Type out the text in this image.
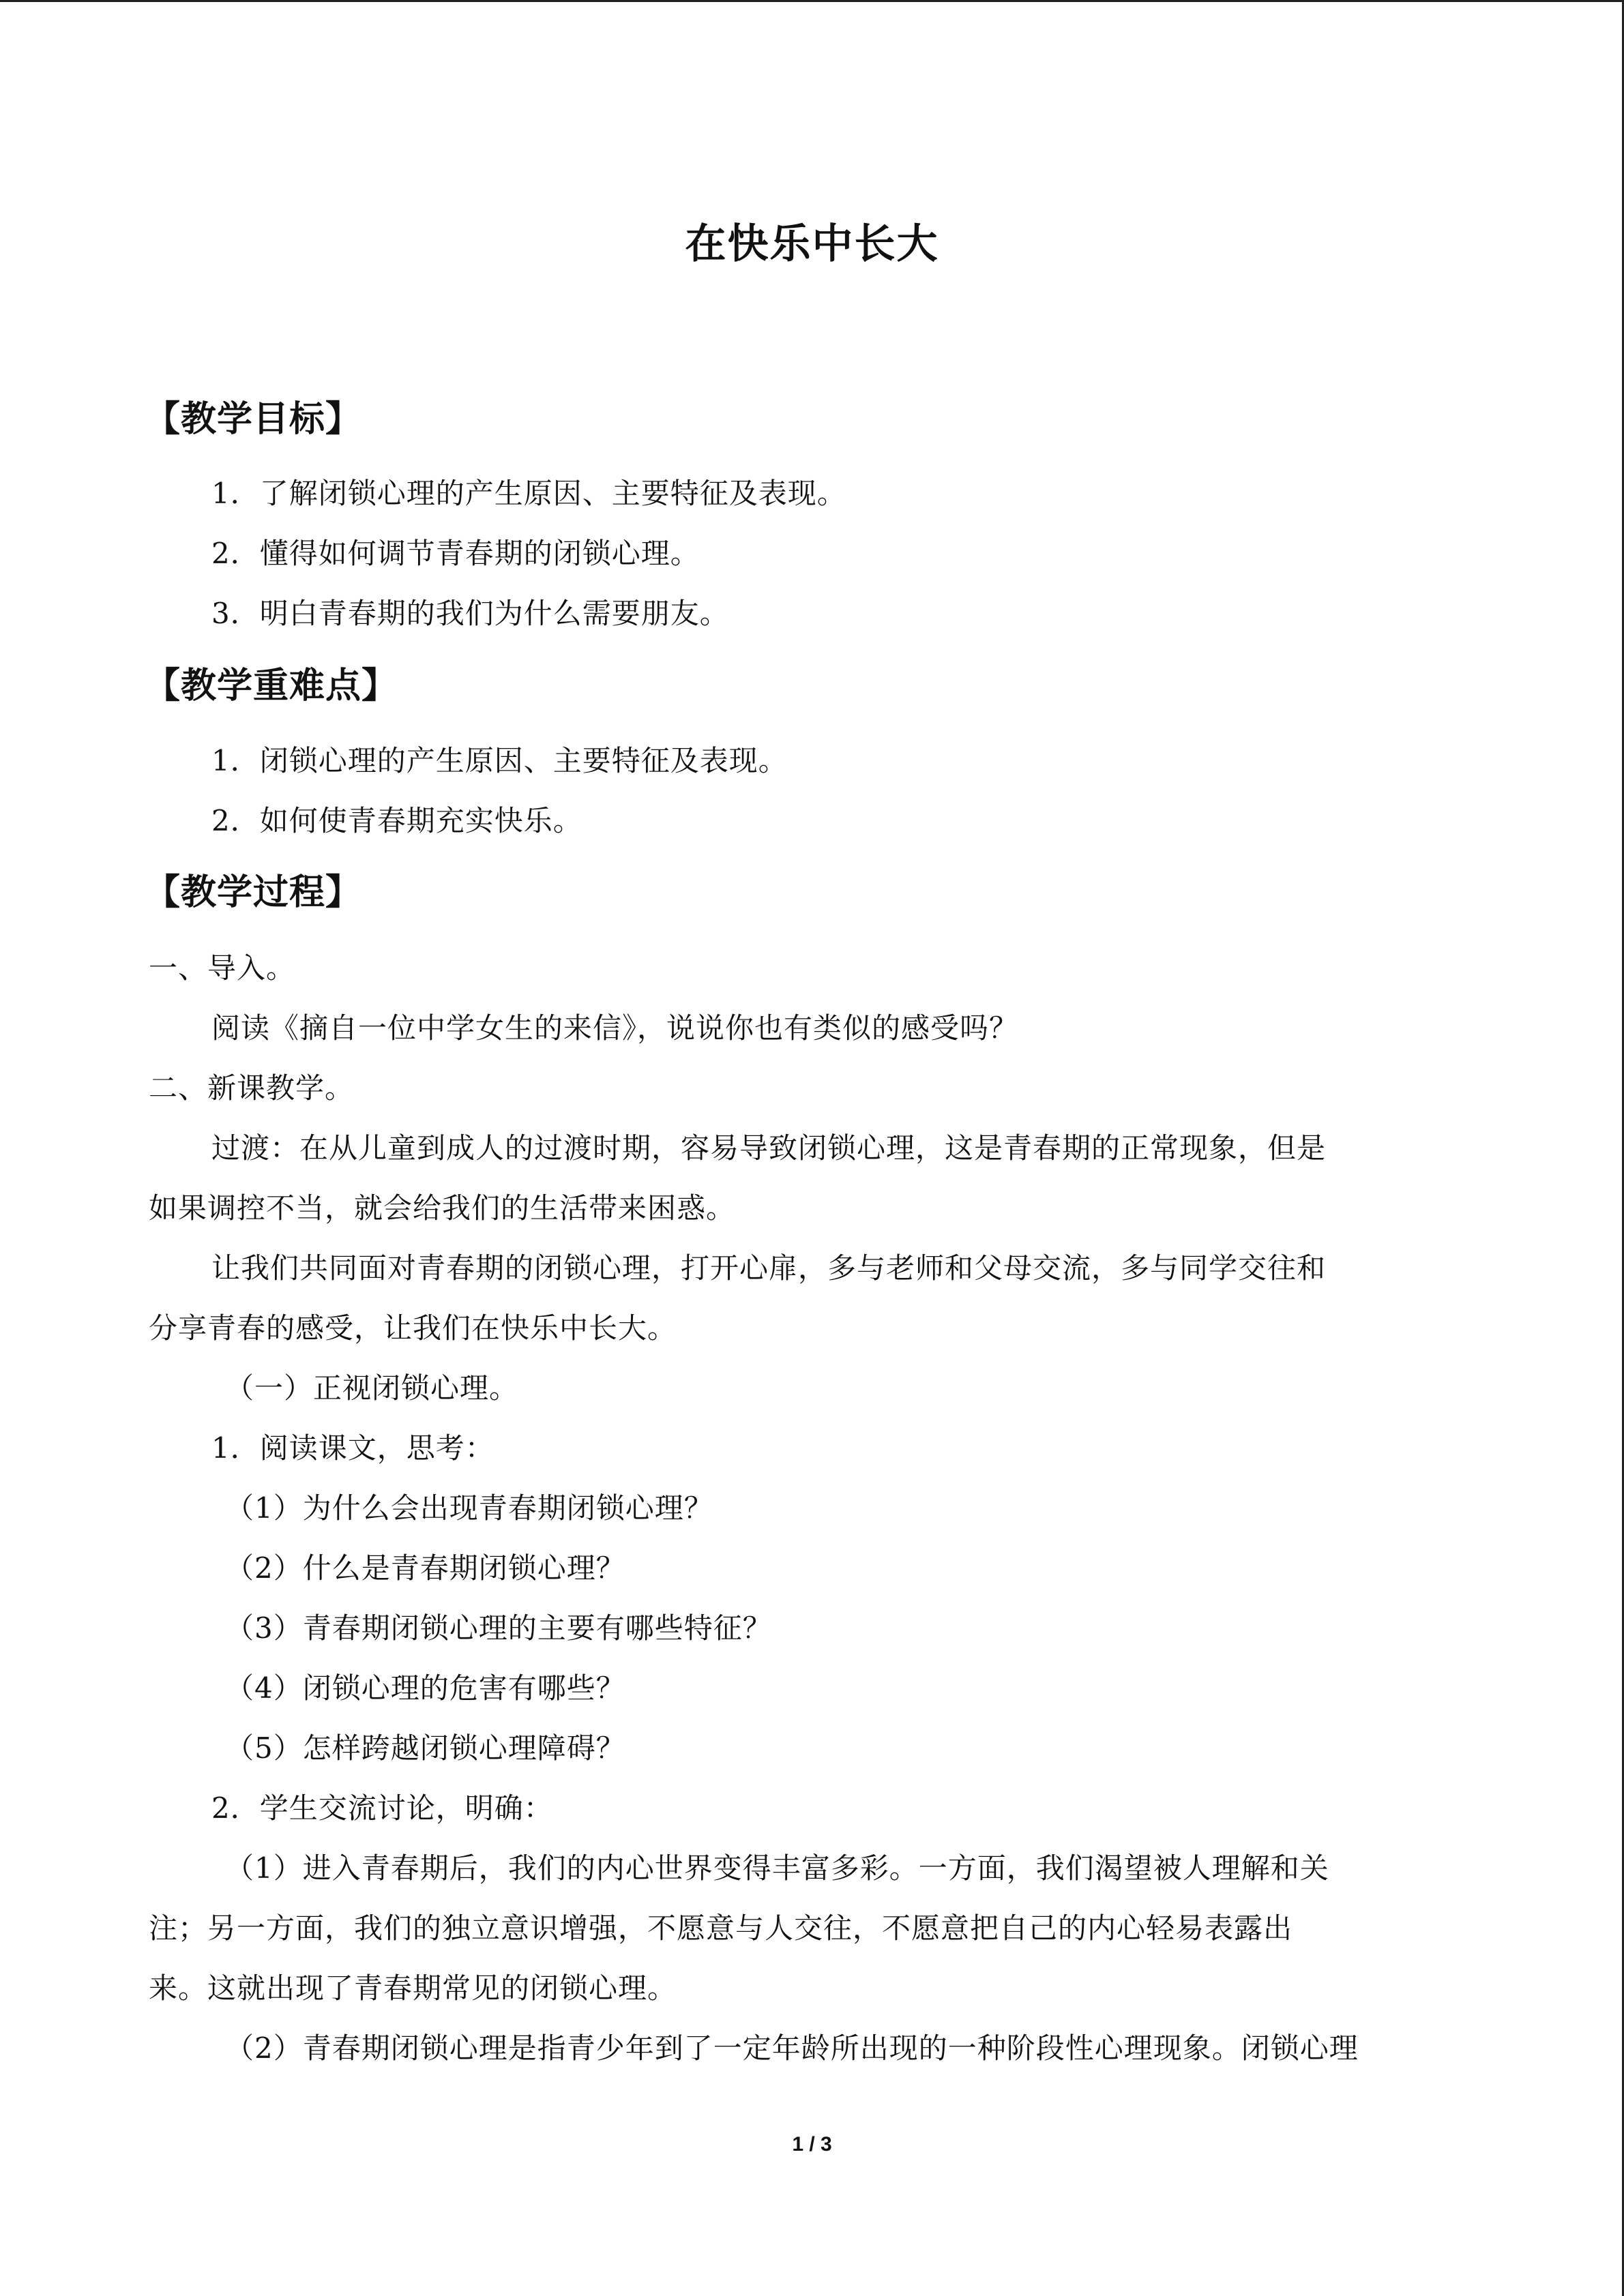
在快乐中长大
【教学目标】
1．了解闭锁心理的产生原因、主要特征及表现。
2．懂得如何调节青春期的闭锁心理。
3．明白青春期的我们为什么需要朋友。
【教学重难点】
1．闭锁心理的产生原因、主要特征及表现。
2．如何使青春期充实快乐。
【教学过程】
一、导入。
阅读《摘自一位中学女生的来信》，说说你也有类似的感受吗？
二、新课教学。
过渡：在从儿童到成人的过渡时期，容易导致闭锁心理，这是青春期的正常现象，但是
如果调控不当，就会给我们的生活带来困惑。
让我们共同面对青春期的闭锁心理，打开心扉，多与老师和父母交流，多与同学交往和
分享青春的感受，让我们在快乐中长大。
（一）正视闭锁心理。
1．阅读课文，思考：
（1）为什么会出现青春期闭锁心理？
（2）什么是青春期闭锁心理？
（3）青春期闭锁心理的主要有哪些特征？
（4）闭锁心理的危害有哪些？
（5）怎样跨越闭锁心理障碍？
2．学生交流讨论，明确：
（1）进入青春期后，我们的内心世界变得丰富多彩。一方面，我们渴望被人理解和关
注；另一方面，我们的独立意识增强，不愿意与人交往，不愿意把自己的内心轻易表露出
来。这就出现了青春期常见的闭锁心理。
（2）青春期闭锁心理是指青少年到了一定年龄所出现的一种阶段性心理现象。闭锁心理
1 / 3
